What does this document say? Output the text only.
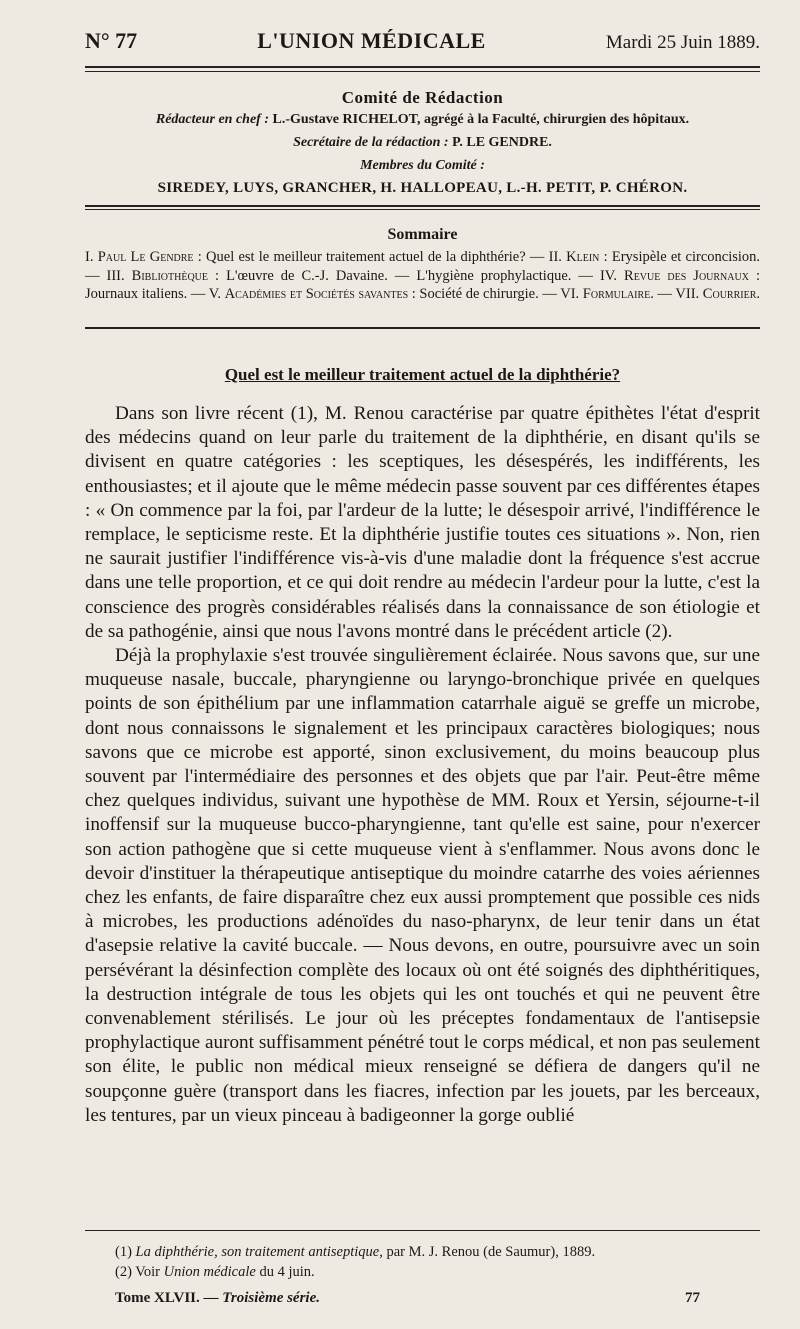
N° 77	L'UNION MÉDICALE	Mardi 25 Juin 1889.
Comité de Rédaction
Rédacteur en chef : L.-Gustave RICHELOT, agrégé à la Faculté, chirurgien des hôpitaux.
Secrétaire de la rédaction : P. LE GENDRE.
Membres du Comité :
SIREDEY, LUYS, GRANCHER, H. HALLOPEAU, L.-H. PETIT, P. CHÉRON.
Sommaire

I. Paul Le Gendre : Quel est le meilleur traitement actuel de la diphthérie? — II. Klein : Erysipèle et circoncision. — III. Bibliothèque : L'œuvre de C.-J. Davaine. — L'hygiène prophylactique. — IV. Revue des Journaux : Journaux italiens. — V. Académies et Sociétés savantes : Société de chirurgie. — VI. Formulaire. — VII. Courrier.

Quel est le meilleur traitement actuel de la diphthérie?

Dans son livre récent (1), M. Renou caractérise par quatre épithètes l'état d'esprit des médecins quand on leur parle du traitement de la diphthérie, en disant qu'ils se divisent en quatre catégories : les sceptiques, les désespérés, les indifférents, les enthousiastes; et il ajoute que le même médecin passe souvent par ces différentes étapes : « On commence par la foi, par l'ardeur de la lutte; le désespoir arrivé, l'indifférence le remplace, le septicisme reste. Et la diphthérie justifie toutes ces situations ». Non, rien ne saurait justifier l'indifférence vis-à-vis d'une maladie dont la fréquence s'est accrue dans une telle proportion, et ce qui doit rendre au médecin l'ardeur pour la lutte, c'est la conscience des progrès considérables réalisés dans la connaissance de son étiologie et de sa pathogénie, ainsi que nous l'avons montré dans le précédent article (2).

Déjà la prophylaxie s'est trouvée singulièrement éclairée. Nous savons que, sur une muqueuse nasale, buccale, pharyngienne ou laryngo-bronchique privée en quelques points de son épithélium par une inflammation catarrhale aiguë se greffe un microbe, dont nous connaissons le signalement et les principaux caractères biologiques; nous savons que ce microbe est apporté, sinon exclusivement, du moins beaucoup plus souvent par l'intermédiaire des personnes et des objets que par l'air. Peut-être même chez quelques individus, suivant une hypothèse de MM. Roux et Yersin, séjourne-t-il inoffensif sur la muqueuse bucco-pharyngienne, tant qu'elle est saine, pour n'exercer son action pathogène que si cette muqueuse vient à s'enflammer. Nous avons donc le devoir d'instituer la thérapeutique antiseptique du moindre catarrhe des voies aériennes chez les enfants, de faire disparaître chez eux aussi promptement que possible ces nids à microbes, les productions adénoïdes du naso-pharynx, de leur tenir dans un état d'asepsie relative la cavité buccale. — Nous devons, en outre, poursuivre avec un soin persévérant la désinfection complète des locaux où ont été soignés des diphthéritiques, la destruction intégrale de tous les objets qui les ont touchés et qui ne peuvent être convenablement stérilisés. Le jour où les préceptes fondamentaux de l'antisepsie prophylactique auront suffisamment pénétré tout le corps médical, et non pas seulement son élite, le public non médical mieux renseigné se défiera de dangers qu'il ne soupçonne guère (transport dans les fiacres, infection par les jouets, par les berceaux, les tentures, par un vieux pinceau à badigeonner la gorge oublié

(1) La diphthérie, son traitement antiseptique, par M. J. Renou (de Saumur), 1889.
(2) Voir Union médicale du 4 juin.
Tome XLVII. — Troisième série.	77
